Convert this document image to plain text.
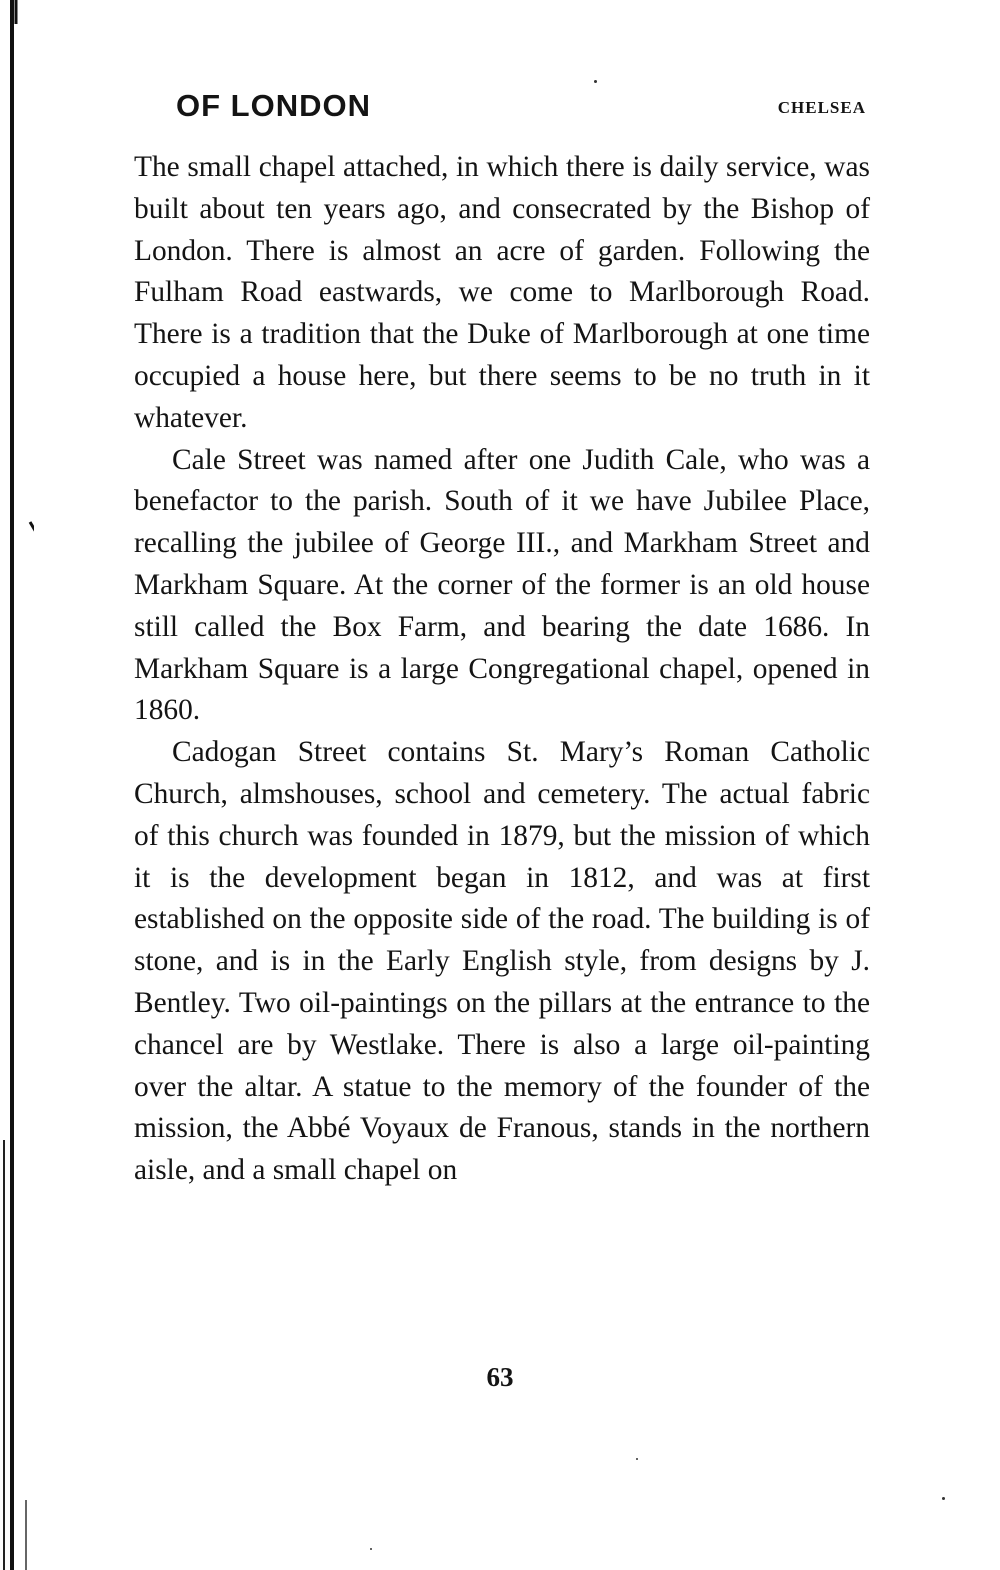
OF LONDON	CHELSEA

The small chapel attached, in which there is daily service, was built about ten years ago, and consecrated by the Bishop of London. There is almost an acre of garden. Following the Fulham Road eastwards, we come to Marlborough Road. There is a tradition that the Duke of Marlborough at one time occupied a house here, but there seems to be no truth in it whatever.

Cale Street was named after one Judith Cale, who was a benefactor to the parish. South of it we have Jubilee Place, recalling the jubilee of George III., and Markham Street and Markham Square. At the corner of the former is an old house still called the Box Farm, and bearing the date 1686. In Markham Square is a large Congregational chapel, opened in 1860.

Cadogan Street contains St. Mary’s Roman Catholic Church, almshouses, school and cemetery. The actual fabric of this church was founded in 1879, but the mission of which it is the development began in 1812, and was at first established on the opposite side of the road. The building is of stone, and is in the Early English style, from designs by J. Bentley. Two oil-paintings on the pillars at the entrance to the chancel are by Westlake. There is also a large oil-painting over the altar. A statue to the memory of the founder of the mission, the Abbé Voyaux de Franous, stands in the northern aisle, and a small chapel on

63
